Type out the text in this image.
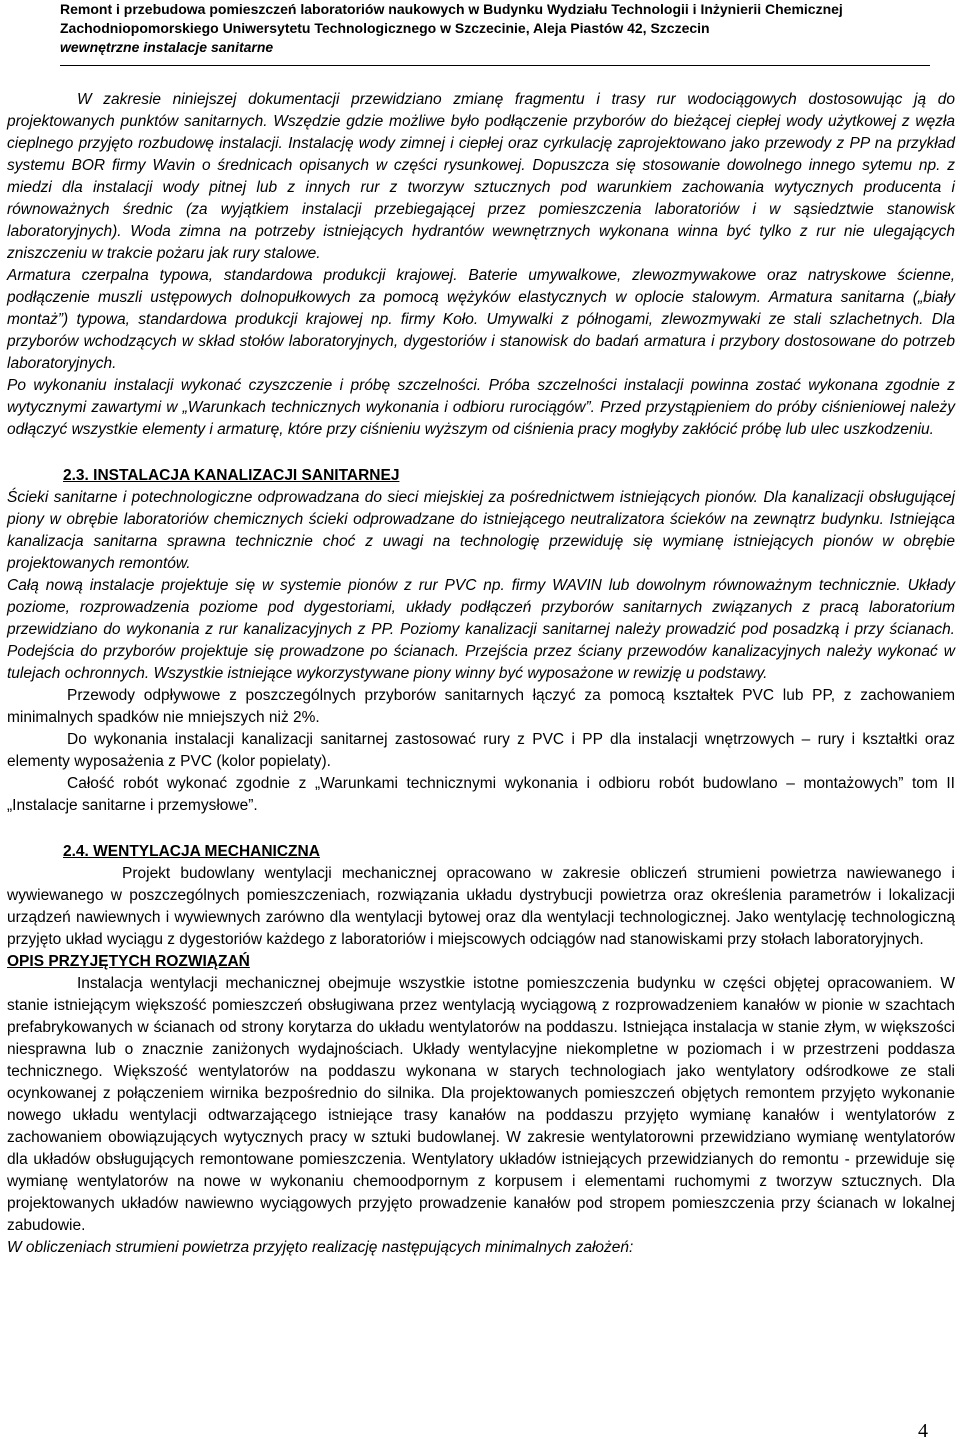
Remont i przebudowa pomieszczeń laboratoriów naukowych w Budynku Wydziału Technologii i Inżynierii Chemicznej
Zachodniopomorskiego Uniwersytetu Technologicznego w Szczecinie, Aleja Piastów 42, Szczecin
wewnętrzne instalacje sanitarne

W zakresie niniejszej dokumentacji przewidziano zmianę fragmentu i trasy rur wodociągowych dostosowując ją do projektowanych punktów sanitarnych. Wszędzie gdzie możliwe było podłączenie przyborów do bieżącej ciepłej wody użytkowej z węzła cieplnego przyjęto rozbudowę instalacji. Instalację wody zimnej i ciepłej oraz cyrkulację zaprojektowano jako przewody z PP na przykład systemu BOR firmy Wavin o średnicach opisanych w części rysunkowej. Dopuszcza się stosowanie dowolnego innego sytemu np. z miedzi dla instalacji wody pitnej lub z innych rur z tworzyw sztucznych pod warunkiem zachowania wytycznych producenta i równoważnych średnic (za wyjątkiem instalacji przebiegającej przez pomieszczenia laboratoriów i w sąsiedztwie stanowisk laboratoryjnych). Woda zimna na potrzeby istniejących hydrantów wewnętrznych wykonana winna być tylko z rur nie ulegających zniszczeniu w trakcie pożaru jak rury stalowe.

Armatura czerpalna typowa, standardowa produkcji krajowej. Baterie umywalkowe, zlewozmywakowe oraz natryskowe ścienne, podłączenie muszli ustępowych dolnopułkowych za pomocą wężyków elastycznych w oplocie stalowym. Armatura sanitarna („biały montaż”) typowa, standardowa produkcji krajowej np. firmy Koło. Umywalki z półnogami, zlewozmywaki ze stali szlachetnych. Dla przyborów wchodzących w skład stołów laboratoryjnych, dygestoriów i stanowisk do badań armatura i przybory dostosowane do potrzeb laboratoryjnych.

Po wykonaniu instalacji wykonać czyszczenie i próbę szczelności. Próba szczelności instalacji powinna zostać wykonana zgodnie z wytycznymi zawartymi w „Warunkach technicznych wykonania i odbioru rurociągów”. Przed przystąpieniem do próby ciśnieniowej należy odłączyć wszystkie elementy i armaturę, które przy ciśnieniu wyższym od ciśnienia pracy mogłyby zakłócić próbę lub ulec uszkodzeniu.

2.3. INSTALACJA KANALIZACJI SANITARNEJ

Ścieki sanitarne i potechnologiczne odprowadzana do sieci miejskiej za pośrednictwem istniejących pionów. Dla kanalizacji obsługującej piony w obrębie laboratoriów chemicznych ścieki odprowadzane do istniejącego neutralizatora ścieków na zewnątrz budynku. Istniejąca kanalizacja sanitarna sprawna technicznie choć z uwagi na technologię przewiduję się wymianę istniejących pionów w obrębie projektowanych remontów.

Całą nową instalacje projektuje się w systemie pionów z rur PVC np. firmy WAVIN lub dowolnym równoważnym technicznie. Układy poziome, rozprowadzenia poziome pod dygestoriami, układy podłączeń przyborów sanitarnych związanych z pracą laboratorium przewidziano do wykonania z rur kanalizacyjnych z PP. Poziomy kanalizacji sanitarnej należy prowadzić pod posadzką i przy ścianach. Podejścia do przyborów projektuje się prowadzone po ścianach. Przejścia przez ściany przewodów kanalizacyjnych należy wykonać w tulejach ochronnych. Wszystkie istniejące wykorzystywane piony winny być wyposażone w rewizję u podstawy.

Przewody odpływowe z poszczególnych przyborów sanitarnych łączyć za pomocą kształtek PVC lub PP, z zachowaniem minimalnych spadków nie mniejszych niż 2%.

Do wykonania instalacji kanalizacji sanitarnej zastosować rury z PVC i PP dla instalacji wnętrzowych – rury i kształtki oraz elementy wyposażenia z PVC (kolor popielaty).

Całość robót wykonać zgodnie z „Warunkami technicznymi wykonania i odbioru robót budowlano – montażowych” tom II „Instalacje sanitarne i przemysłowe”.

2.4. WENTYLACJA MECHANICZNA

Projekt budowlany wentylacji mechanicznej opracowano w zakresie obliczeń strumieni powietrza nawiewanego i wywiewanego w poszczególnych pomieszczeniach, rozwiązania układu dystrybucji powietrza oraz określenia parametrów i lokalizacji urządzeń nawiewnych i wywiewnych zarówno dla wentylacji bytowej oraz dla wentylacji technologicznej. Jako wentylację technologiczną przyjęto układ wyciągu z dygestoriów każdego z laboratoriów i miejscowych odciągów nad stanowiskami przy stołach laboratoryjnych.

OPIS PRZYJĘTYCH ROZWIĄZAŃ

Instalacja wentylacji mechanicznej obejmuje wszystkie istotne pomieszczenia budynku w części objętej opracowaniem. W stanie istniejącym większość pomieszczeń obsługiwana przez wentylacją wyciągową z rozprowadzeniem kanałów w pionie w szachtach prefabrykowanych w ścianach od strony korytarza do układu wentylatorów na poddaszu. Istniejąca instalacja w stanie złym, w większości niesprawna lub o znacznie zaniżonych wydajnościach. Układy wentylacyjne niekompletne w poziomach i w przestrzeni poddasza technicznego. Większość wentylatorów na poddaszu wykonana w starych technologiach jako wentylatory odśrodkowe ze stali ocynkowanej z połączeniem wirnika bezpośrednio do silnika. Dla projektowanych pomieszczeń objętych remontem przyjęto wykonanie nowego układu wentylacji odtwarzającego istniejące trasy kanałów na poddaszu przyjęto wymianę kanałów i wentylatorów z zachowaniem obowiązujących wytycznych pracy w sztuki budowlanej. W zakresie wentylatorowni przewidziano wymianę wentylatorów dla układów obsługujących remontowane pomieszczenia. Wentylatory układów istniejących przewidzianych do remontu - przewiduje się wymianę wentylatorów na nowe w wykonaniu chemoodpornym z korpusem i elementami ruchomymi z tworzyw sztucznych. Dla projektowanych układów nawiewno wyciągowych przyjęto prowadzenie kanałów pod stropem pomieszczenia przy ścianach w lokalnej zabudowie.

W obliczeniach strumieni powietrza przyjęto realizację następujących minimalnych założeń:

4
